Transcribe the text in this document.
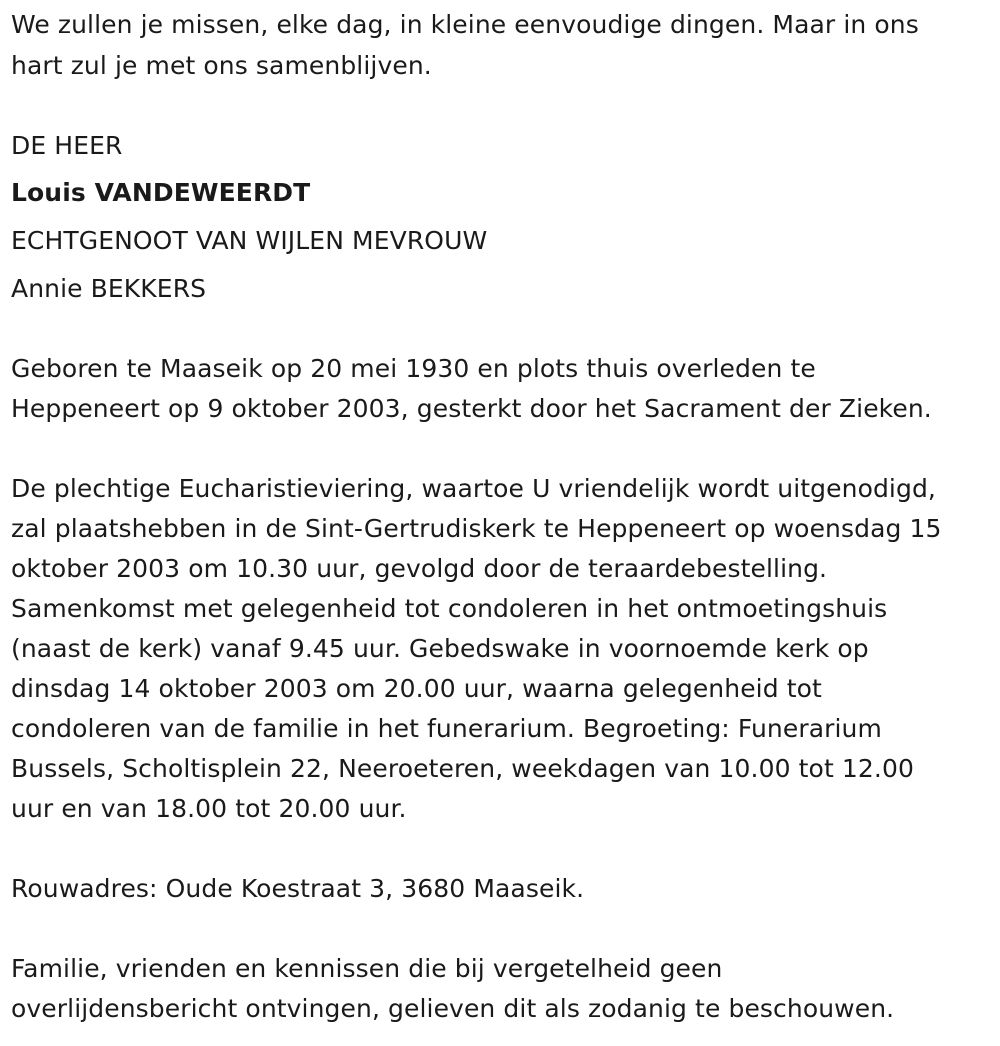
We zullen je missen, elke dag, in kleine eenvoudige dingen. Maar in ons
hart zul je met ons samenblijven.
DE HEER
Louis VANDEWEERDT
ECHTGENOOT VAN WIJLEN MEVROUW
Annie BEKKERS
Geboren te Maaseik op 20 mei 1930 en plots thuis overleden te
Heppeneert op 9 oktober 2003, gesterkt door het Sacrament der Zieken.
De plechtige Eucharistieviering, waartoe U vriendelijk wordt uitgenodigd,
zal plaatshebben in de Sint-Gertrudiskerk te Heppeneert op woensdag 15
oktober 2003 om 10.30 uur, gevolgd door de teraardebestelling.
Samenkomst met gelegenheid tot condoleren in het ontmoetingshuis
(naast de kerk) vanaf 9.45 uur. Gebedswake in voornoemde kerk op
dinsdag 14 oktober 2003 om 20.00 uur, waarna gelegenheid tot
condoleren van de familie in het funerarium. Begroeting: Funerarium
Bussels, Scholtisplein 22, Neeroeteren, weekdagen van 10.00 tot 12.00
uur en van 18.00 tot 20.00 uur.
Rouwadres: Oude Koestraat 3, 3680 Maaseik.
Familie, vrienden en kennissen die bij vergetelheid geen
overlijdensbericht ontvingen, gelieven dit als zodanig te beschouwen.
